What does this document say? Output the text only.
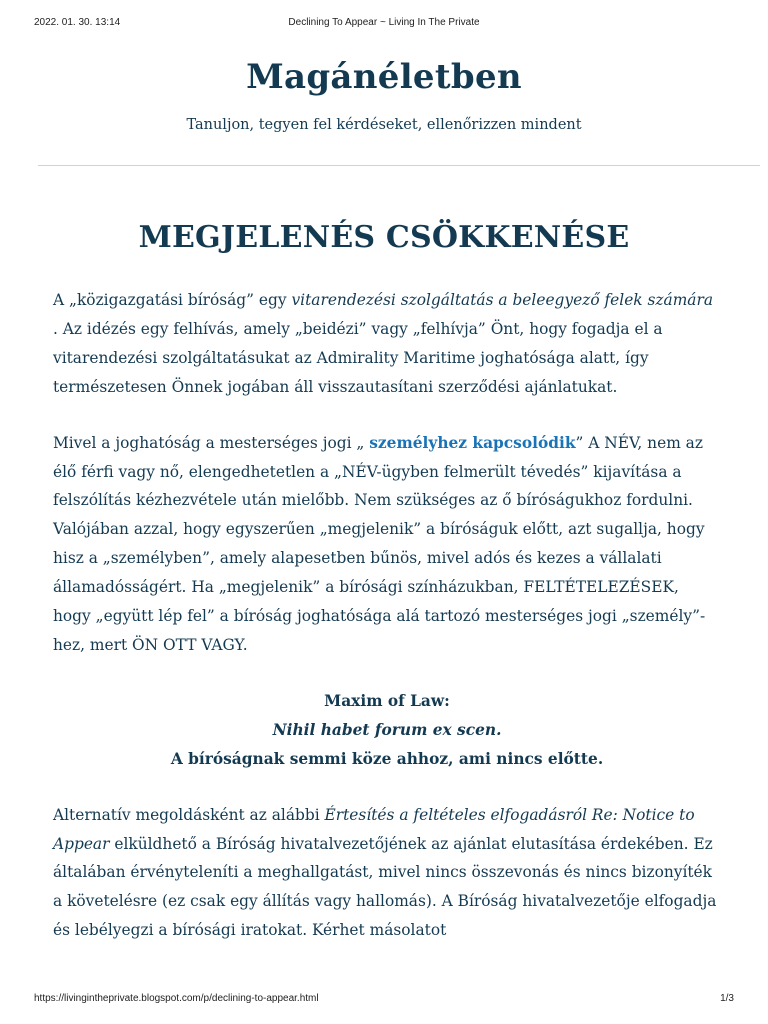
2022. 01. 30. 13:14	Declining To Appear ~ Living In The Private
Magánéletben
Tanuljon, tegyen fel kérdéseket, ellenőrizzen mindent
MEGJELENÉS CSÖKKENÉSE

A „közigazgatási bíróság” egy vitarendezési szolgáltatás a beleegyező felek számára . Az idézés egy felhívás, amely „beidézi” vagy „felhívja” Önt, hogy fogadja el a vitarendezési szolgáltatásukat az Admirality Maritime joghatósága alatt, így természetesen Önnek jogában áll visszautasítani szerződési ajánlatukat.

Mivel a joghatóság a mesterséges jogi „ személyhez kapcsolódik” A NÉV, nem az élő férfi vagy nő, elengedhetetlen a „NÉV-ügyben felmerült tévedés” kijavítása a felszólítás kézhezvétele után mielőbb. Nem szükséges az ő bíróságukhoz fordulni. Valójában azzal, hogy egyszerűen „megjelenik” a bíróságuk előtt, azt sugallja, hogy hisz a „személyben”, amely alapesetben bűnös, mivel adós és kezes a vállalati államadósságért. Ha „megjelenik” a bírósági színházukban, FELTÉTELEZÉSEK, hogy „együtt lép fel” a bíróság joghatósága alá tartozó mesterséges jogi „személy”-hez, mert ÖN OTT VAGY.

Maxim of Law:
Nihil habet forum ex scen.
A bíróságnak semmi köze ahhoz, ami nincs előtte.

Alternatív megoldásként az alábbi Értesítés a feltételes elfogadásról Re: Notice to Appear elküldhető a Bíróság hivatalvezetőjének az ajánlat elutasítása érdekében. Ez általában érvényteleníti a meghallgatást, mivel nincs összevonás és nincs bizonyíték a követelésre (ez csak egy állítás vagy hallomás). A Bíróság hivatalvezetője elfogadja és lebélyegzi a bírósági iratokat. Kérhet másolatot

https://livingintheprivate.blogspot.com/p/declining-to-appear.html	1/3
